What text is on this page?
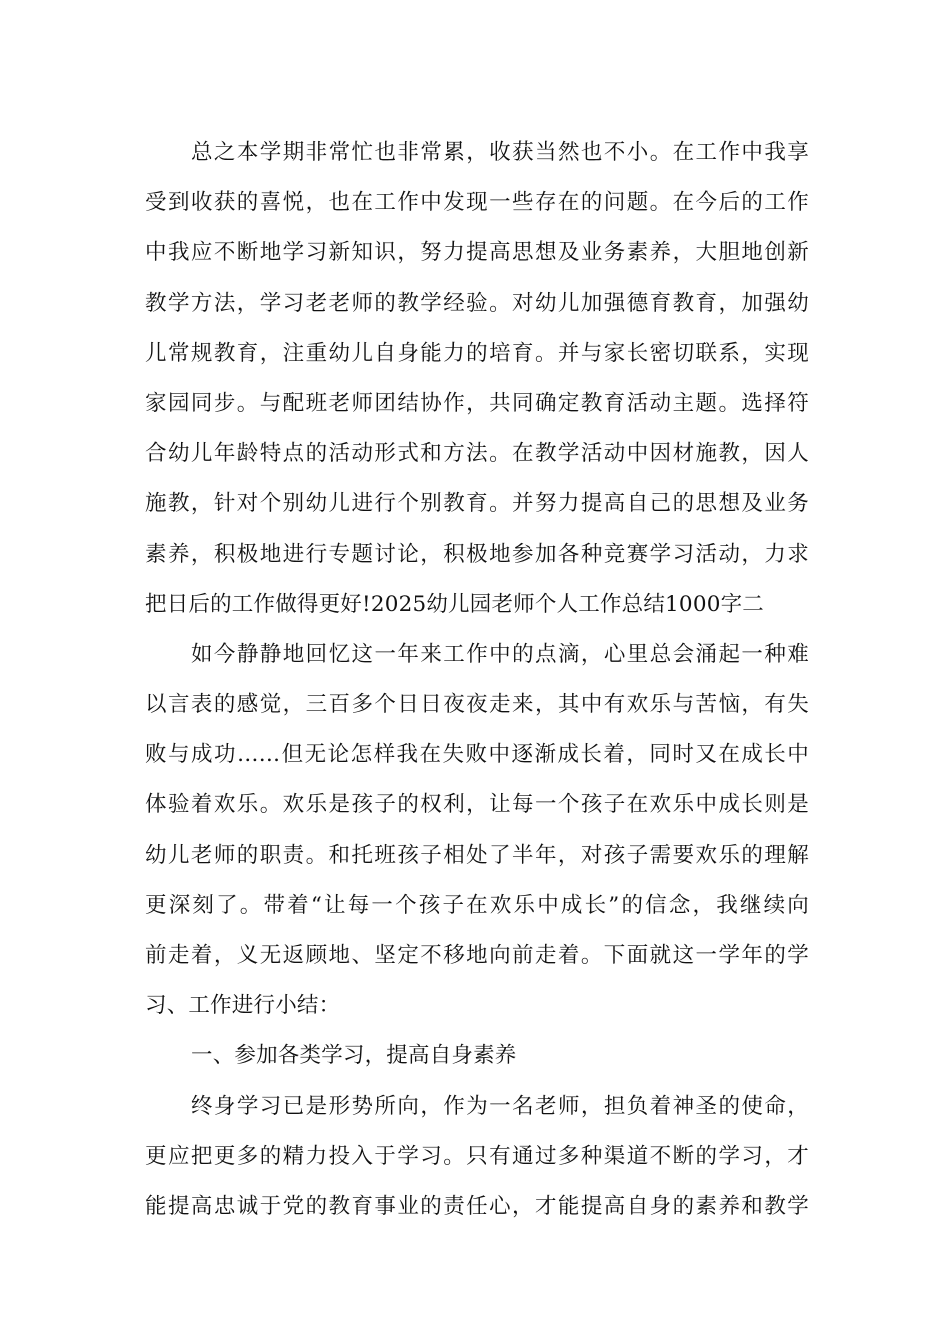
总之本学期非常忙也非常累，收获当然也不小。在工作中我享
受到收获的喜悦，也在工作中发现一些存在的问题。在今后的工作
中我应不断地学习新知识，努力提高思想及业务素养，大胆地创新
教学方法，学习老老师的教学经验。对幼儿加强德育教育，加强幼
儿常规教育，注重幼儿自身能力的培育。并与家长密切联系，实现
家园同步。与配班老师团结协作，共同确定教育活动主题。选择符
合幼儿年龄特点的活动形式和方法。在教学活动中因材施教，因人
施教，针对个别幼儿进行个别教育。并努力提高自己的思想及业务
素养，积极地进行专题讨论，积极地参加各种竞赛学习活动，力求
把日后的工作做得更好!2025幼儿园老师个人工作总结1000字二
如今静静地回忆这一年来工作中的点滴，心里总会涌起一种难
以言表的感觉，三百多个日日夜夜走来，其中有欢乐与苦恼，有失
败与成功……但无论怎样我在失败中逐渐成长着，同时又在成长中
体验着欢乐。欢乐是孩子的权利，让每一个孩子在欢乐中成长则是
幼儿老师的职责。和托班孩子相处了半年，对孩子需要欢乐的理解
更深刻了。带着“让每一个孩子在欢乐中成长”的信念，我继续向
前走着，义无返顾地、坚定不移地向前走着。下面就这一学年的学
习、工作进行小结：
一、参加各类学习，提高自身素养
终身学习已是形势所向，作为一名老师，担负着神圣的使命，
更应把更多的精力投入于学习。只有通过多种渠道不断的学习，才
能提高忠诚于党的教育事业的责任心，才能提高自身的素养和教学
